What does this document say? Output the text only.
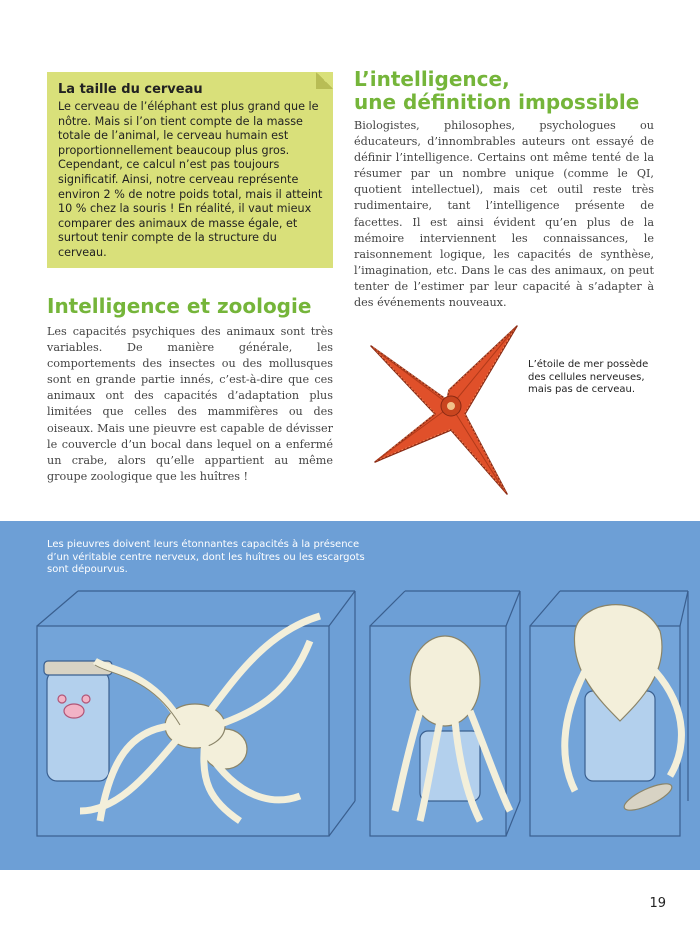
La taille du cerveau

Le cerveau de l’éléphant est plus grand que le nôtre. Mais si l’on tient compte de la masse totale de l’animal, le cerveau humain est proportionnellement beaucoup plus gros. Cependant, ce calcul n’est pas toujours significatif. Ainsi, notre cerveau représente environ 2 % de notre poids total, mais il atteint 10 % chez la souris ! En réalité, il vaut mieux comparer des animaux de masse égale, et surtout tenir compte de la structure du cerveau.

L’intelligence,
une définition impossible

Biologistes, philosophes, psychologues ou éducateurs, d’innombrables auteurs ont essayé de définir l’intelligence. Certains ont même tenté de la résumer par un nombre unique (comme le QI, quotient intellectuel), mais cet outil reste très rudimentaire, tant l’intelligence présente de facettes. Il est ainsi évident qu’en plus de la mémoire interviennent les connaissances, le raisonnement logique, les capacités de synthèse, l’imagination, etc. Dans le cas des animaux, on peut tenter de l’estimer par leur capacité à s’adapter à des événements nouveaux.

Intelligence et zoologie

Les capacités psychiques des animaux sont très variables. De manière générale, les comportements des insectes ou des mollusques sont en grande partie innés, c’est-à-dire que ces animaux ont des capacités d’adaptation plus limitées que celles des mammifères ou des oiseaux. Mais une pieuvre est capable de dévisser le couvercle d’un bocal dans lequel on a enfermé un crabe, alors qu’elle appartient au même groupe zoologique que les huîtres !

L’étoile de mer possède des cellules nerveuses, mais pas de cerveau.

Les pieuvres doivent leurs étonnantes capacités à la présence d’un véritable centre nerveux, dont les huîtres ou les escargots sont dépourvus.

19
